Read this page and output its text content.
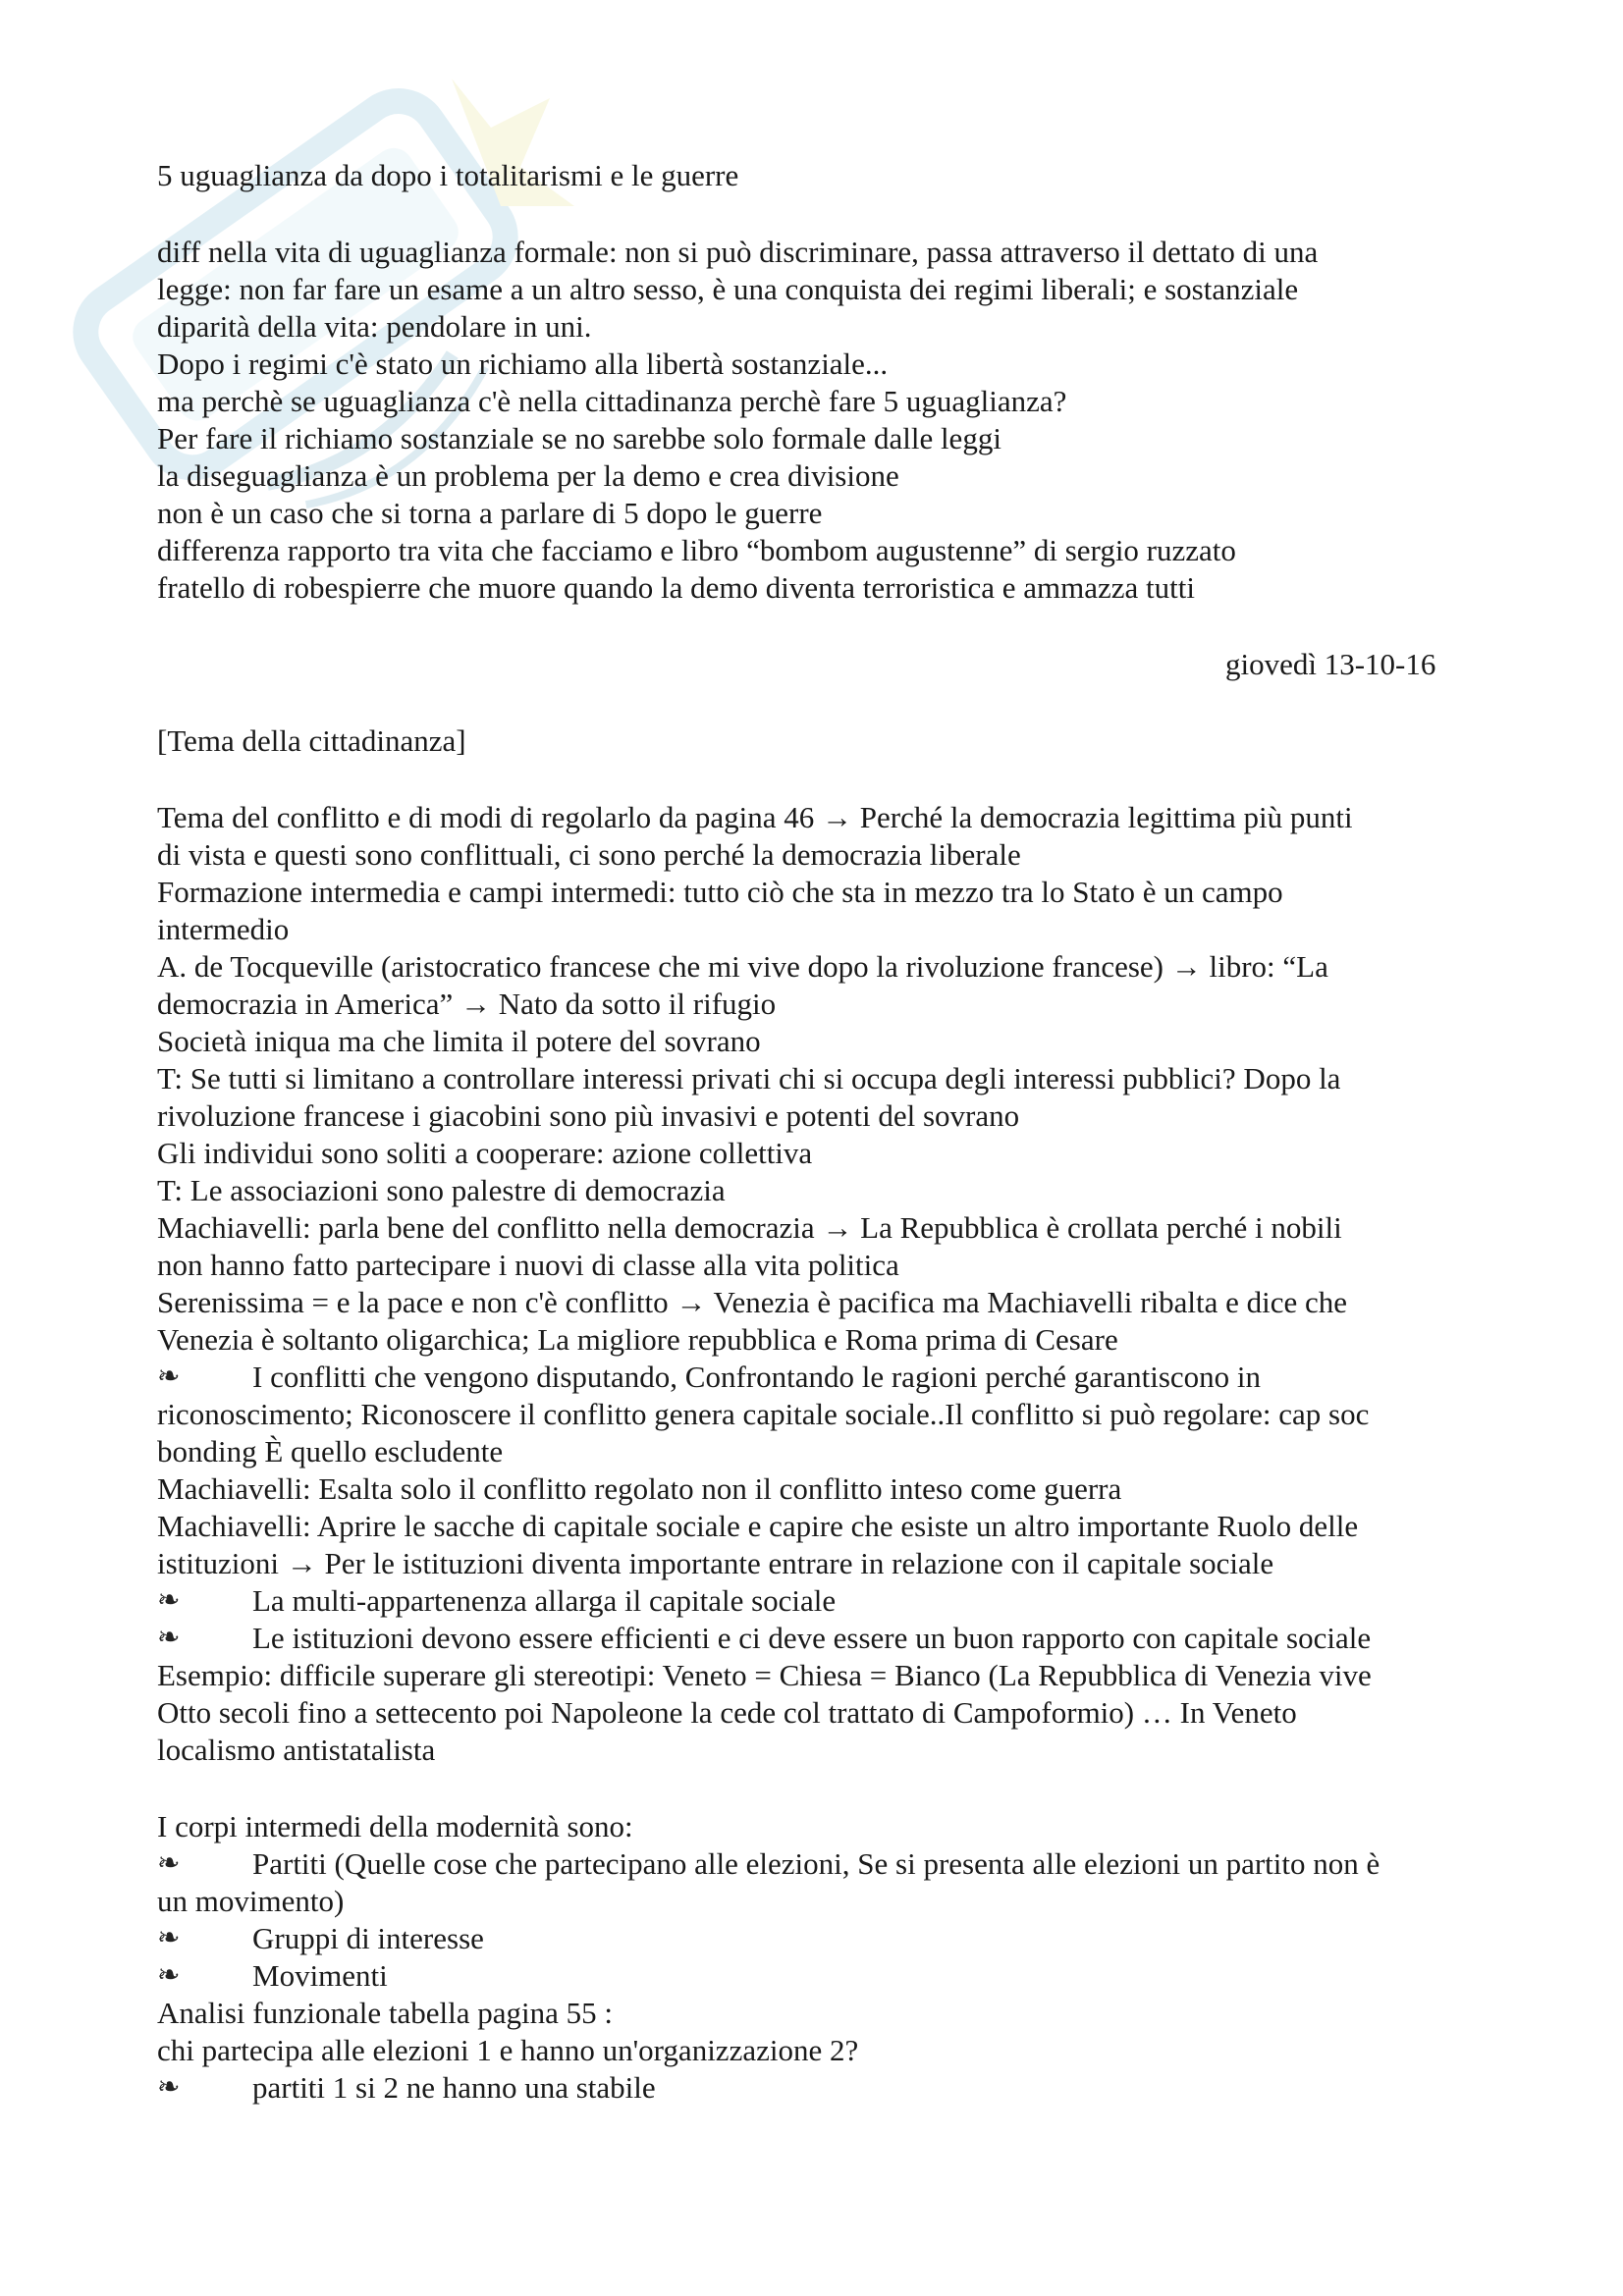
5 uguaglianza da dopo i totalitarismi e le guerre
diff nella vita di uguaglianza formale: non si può discriminare, passa attraverso il dettato di una
legge: non far fare un esame a un altro sesso, è una conquista dei regimi liberali; e sostanziale
diparità della vita: pendolare in uni.
Dopo i regimi c'è stato un richiamo alla libertà sostanziale...
ma perchè se uguaglianza c'è nella cittadinanza perchè fare 5 uguaglianza?
Per fare il richiamo sostanziale se no sarebbe solo formale dalle leggi
la diseguaglianza è un problema per la demo e crea divisione
non è un caso che si torna a parlare di 5 dopo le guerre
differenza rapporto tra vita che facciamo e libro “bombom augustenne” di sergio ruzzato
fratello di robespierre che muore quando la demo diventa terroristica e ammazza tutti
giovedì 13-10-16
[Tema della cittadinanza]
Tema del conflitto e di modi di regolarlo da pagina 46 → Perché la democrazia legittima più punti
di vista e questi sono conflittuali, ci sono perché la democrazia liberale
Formazione intermedia e campi intermedi: tutto ciò che sta in mezzo tra lo Stato è un campo
intermedio
A. de Tocqueville (aristocratico francese che mi vive dopo la rivoluzione francese) → libro: “La
democrazia in America” → Nato da sotto il rifugio
Società iniqua ma che limita il potere del sovrano
T: Se tutti si limitano a controllare interessi privati chi si occupa degli interessi pubblici? Dopo la
rivoluzione francese i giacobini sono più invasivi e potenti del sovrano
Gli individui sono soliti a cooperare: azione collettiva
T: Le associazioni sono palestre di democrazia
Machiavelli: parla bene del conflitto nella democrazia → La Repubblica è crollata perché i nobili
non hanno fatto partecipare i nuovi di classe alla vita politica
Serenissima = e la pace e non c'è conflitto → Venezia è pacifica ma Machiavelli ribalta e dice che
Venezia è soltanto oligarchica; La migliore repubblica e Roma prima di Cesare
❧ I conflitti che vengono disputando, Confrontando le ragioni perché garantiscono in
riconoscimento; Riconoscere il conflitto genera capitale sociale..Il conflitto si può regolare: cap soc
bonding È quello escludente
Machiavelli: Esalta solo il conflitto regolato non il conflitto inteso come guerra
Machiavelli: Aprire le sacche di capitale sociale e capire che esiste un altro importante Ruolo delle
istituzioni → Per le istituzioni diventa importante entrare in relazione con il capitale sociale
❧ La multi-appartenenza allarga il capitale sociale
❧ Le istituzioni devono essere efficienti e ci deve essere un buon rapporto con capitale sociale
Esempio: difficile superare gli stereotipi: Veneto = Chiesa = Bianco (La Repubblica di Venezia vive
Otto secoli fino a settecento poi Napoleone la cede col trattato di Campoformio) … In Veneto
localismo antistatalista
I corpi intermedi della modernità sono:
❧ Partiti (Quelle cose che partecipano alle elezioni, Se si presenta alle elezioni un partito non è
un movimento)
❧ Gruppi di interesse
❧ Movimenti
Analisi funzionale tabella pagina 55 :
chi partecipa alle elezioni 1 e hanno un'organizzazione 2?
❧ partiti 1 si 2 ne hanno una stabile
